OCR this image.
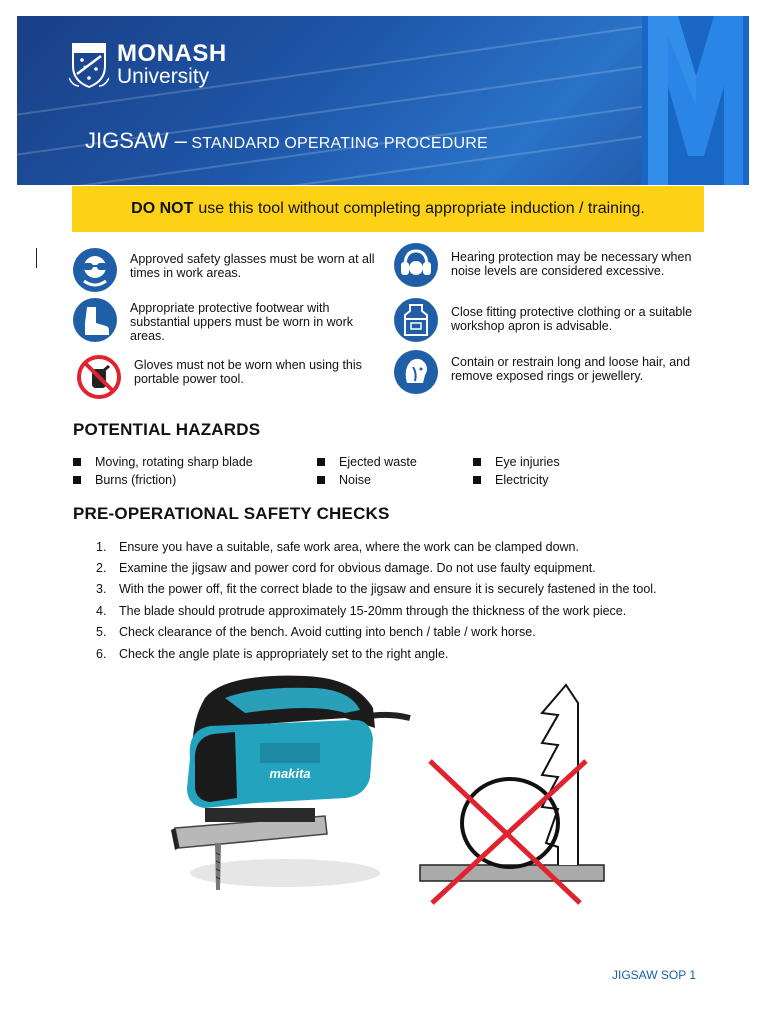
MONASH
University
JIGSAW – STANDARD OPERATING PROCEDURE
DO NOT use this tool without completing appropriate induction / training.
Approved safety glasses must be worn at all times in work areas.
Hearing protection may be necessary when noise levels are considered excessive.
Appropriate protective footwear with substantial uppers must be worn in work areas.
Close fitting protective clothing or a suitable workshop apron is advisable.
Gloves must not be worn when using this portable power tool.
Contain or restrain long and loose hair, and remove exposed rings or jewellery.
POTENTIAL HAZARDS
Moving, rotating sharp blade
Burns (friction)
Ejected waste
Noise
Eye injuries
Electricity
PRE-OPERATIONAL SAFETY CHECKS
1.	Ensure you have a suitable, safe work area, where the work can be clamped down.
2.	Examine the jigsaw and power cord for obvious damage. Do not use faulty equipment.
3.	With the power off, fit the correct blade to the jigsaw and ensure it is securely fastened in the tool.
4.	The blade should protrude approximately 15-20mm through the thickness of the work piece.
5.	Check clearance of the bench. Avoid cutting into bench / table / work horse.
6.	Check the angle plate is appropriately set to the right angle.
makita
JIGSAW SOP 1
